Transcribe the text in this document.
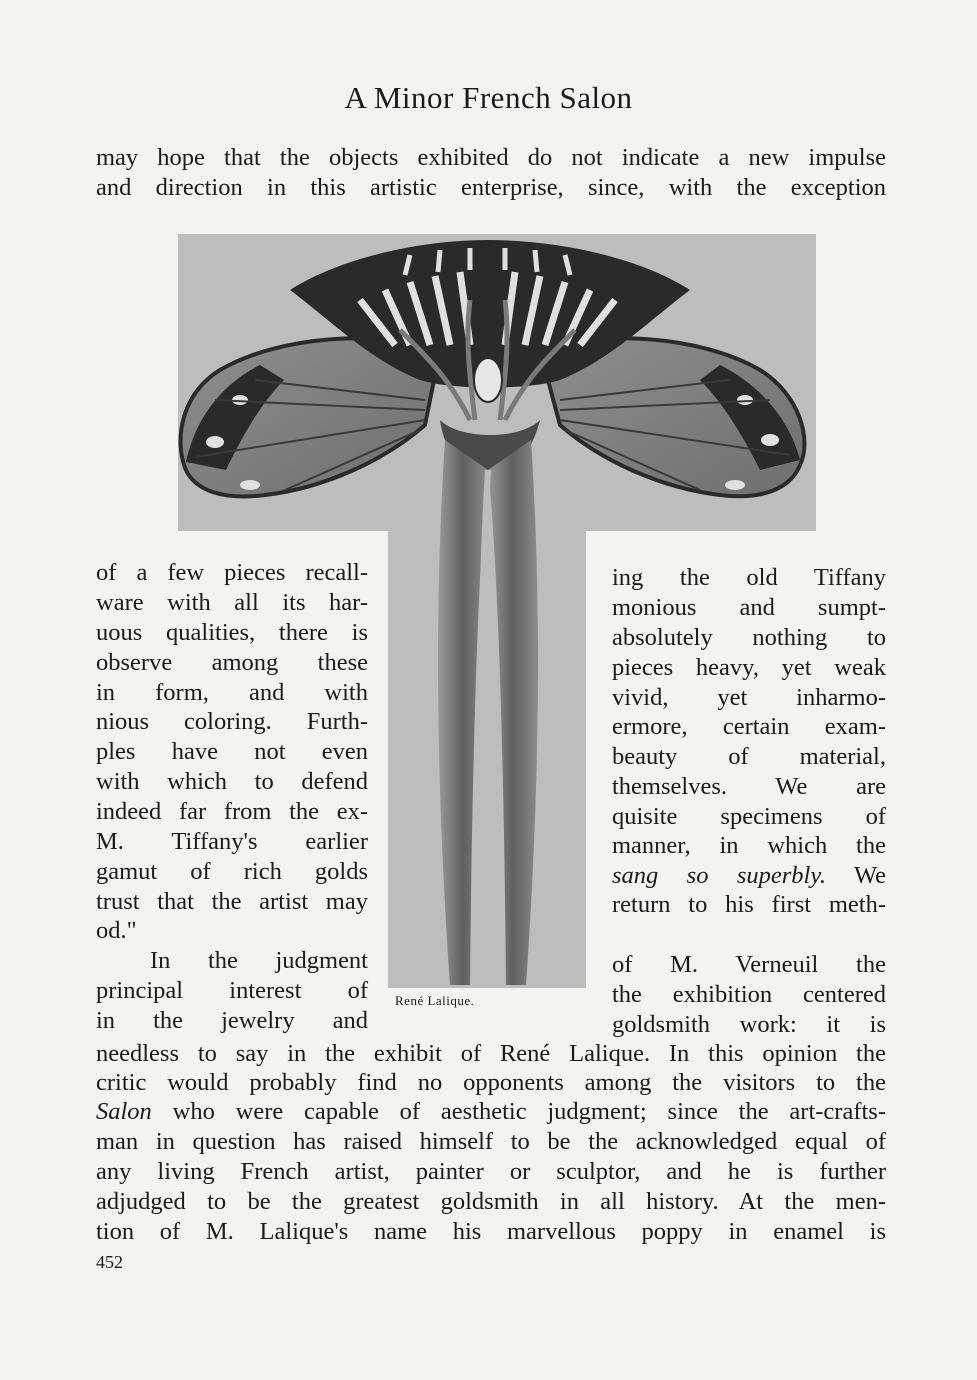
A Minor French Salon
may hope that the objects exhibited do not indicate a new impulse
and direction in this artistic enterprise, since, with the exception
René Lalique.
of a few pieces recall-
ware with all its har-
uous qualities, there is
observe among these
in form, and with
nious coloring. Furth-
ples have not even
with which to defend
indeed far from the ex-
M. Tiffany's earlier
gamut of rich golds
trust that the artist may
od."
In the judgment
principal interest of
in the jewelry and
ing the old Tiffany
monious and sumpt-
absolutely nothing to
pieces heavy, yet weak
vivid, yet inharmo-
ermore, certain exam-
beauty of material,
themselves. We are
quisite specimens of
manner, in which the
sang so superbly. We
return to his first meth-
of M. Verneuil the
the exhibition centered
goldsmith work: it is
needless to say in the exhibit of René Lalique. In this opinion the
critic would probably find no opponents among the visitors to the
Salon who were capable of aesthetic judgment; since the art-crafts-
man in question has raised himself to be the acknowledged equal of
any living French artist, painter or sculptor, and he is further
adjudged to be the greatest goldsmith in all history. At the men-
tion of M. Lalique's name his marvellous poppy in enamel is
452
